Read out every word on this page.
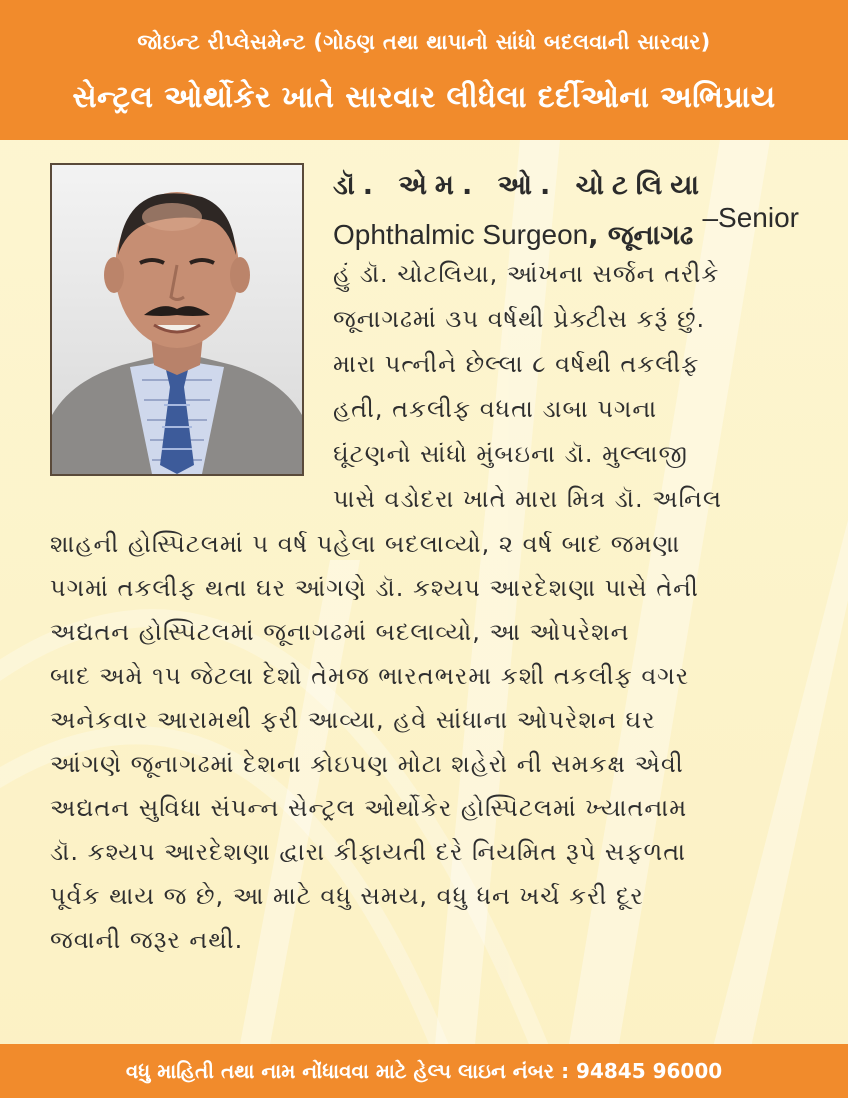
જોઇન્ટ રીપ્લેસમેન્ટ (ગોઠણ તથા થાપાનો સાંધો બદલવાની સારવાર)
સેન્ટ્રલ ઓર્થોકેર ખાતે સારવાર લીધેલા દર્દીઓના અભિપ્રાય
ડૉ. એમ. ઓ. ચોટલિયા
–Senior
Ophthalmic Surgeon, જૂનાગઢ
હું ડૉ. ચોટલિયા, આંખના સર્જન તરીકે
જૂનાગઢમાં ૩૫ વર્ષથી પ્રેક્ટીસ કરૂં છું.
મારા પત્નીને છેલ્લા ૮ વર્ષથી તકલીફ
હતી, તકલીફ વધતા ડાબા પગના
ઘૂંટણનો સાંધો મુંબઇના ડૉ. મુલ્લાજી
પાસે વડોદરા ખાતે મારા મિત્ર ડૉ. અનિલ
શાહની હોસ્પિટલમાં ૫ વર્ષ પહેલા બદલાવ્યો, ૨ વર્ષ બાદ જમણા
પગમાં તકલીફ થતા ઘર આંગણે ડૉ. કશ્યપ આરદેશણા પાસે તેની
અદ્યતન હોસ્પિટલમાં જૂનાગઢમાં બદલાવ્યો, આ ઓપરેશન
બાદ અમે ૧૫ જેટલા દેશો તેમજ ભારતભરમા કશી તકલીફ વગર
અનેકવાર આરામથી ફરી આવ્યા, હવે સાંધાના ઓપરેશન ઘર
આંગણે જૂનાગઢમાં દેશના કોઇપણ મોટા શહેરો ની સમકક્ષ એવી
અદ્યતન સુવિધા સંપન્ન સેન્ટ્રલ ઓર્થોકેર હોસ્પિટલમાં ખ્યાતનામ
ડૉ. કશ્યપ આરદેશણા દ્વારા કીફાયતી દરે નિયમિત રૂપે સફળતા
પૂર્વક થાય જ છે, આ માટે વધુ સમય, વધુ ધન ખર્ચ કરી દૂર
જવાની જરૂર નથી.
વધુ માહિતી તથા નામ નોંધાવવા માટે હેલ્પ લાઇન નંબર : 94845 96000
